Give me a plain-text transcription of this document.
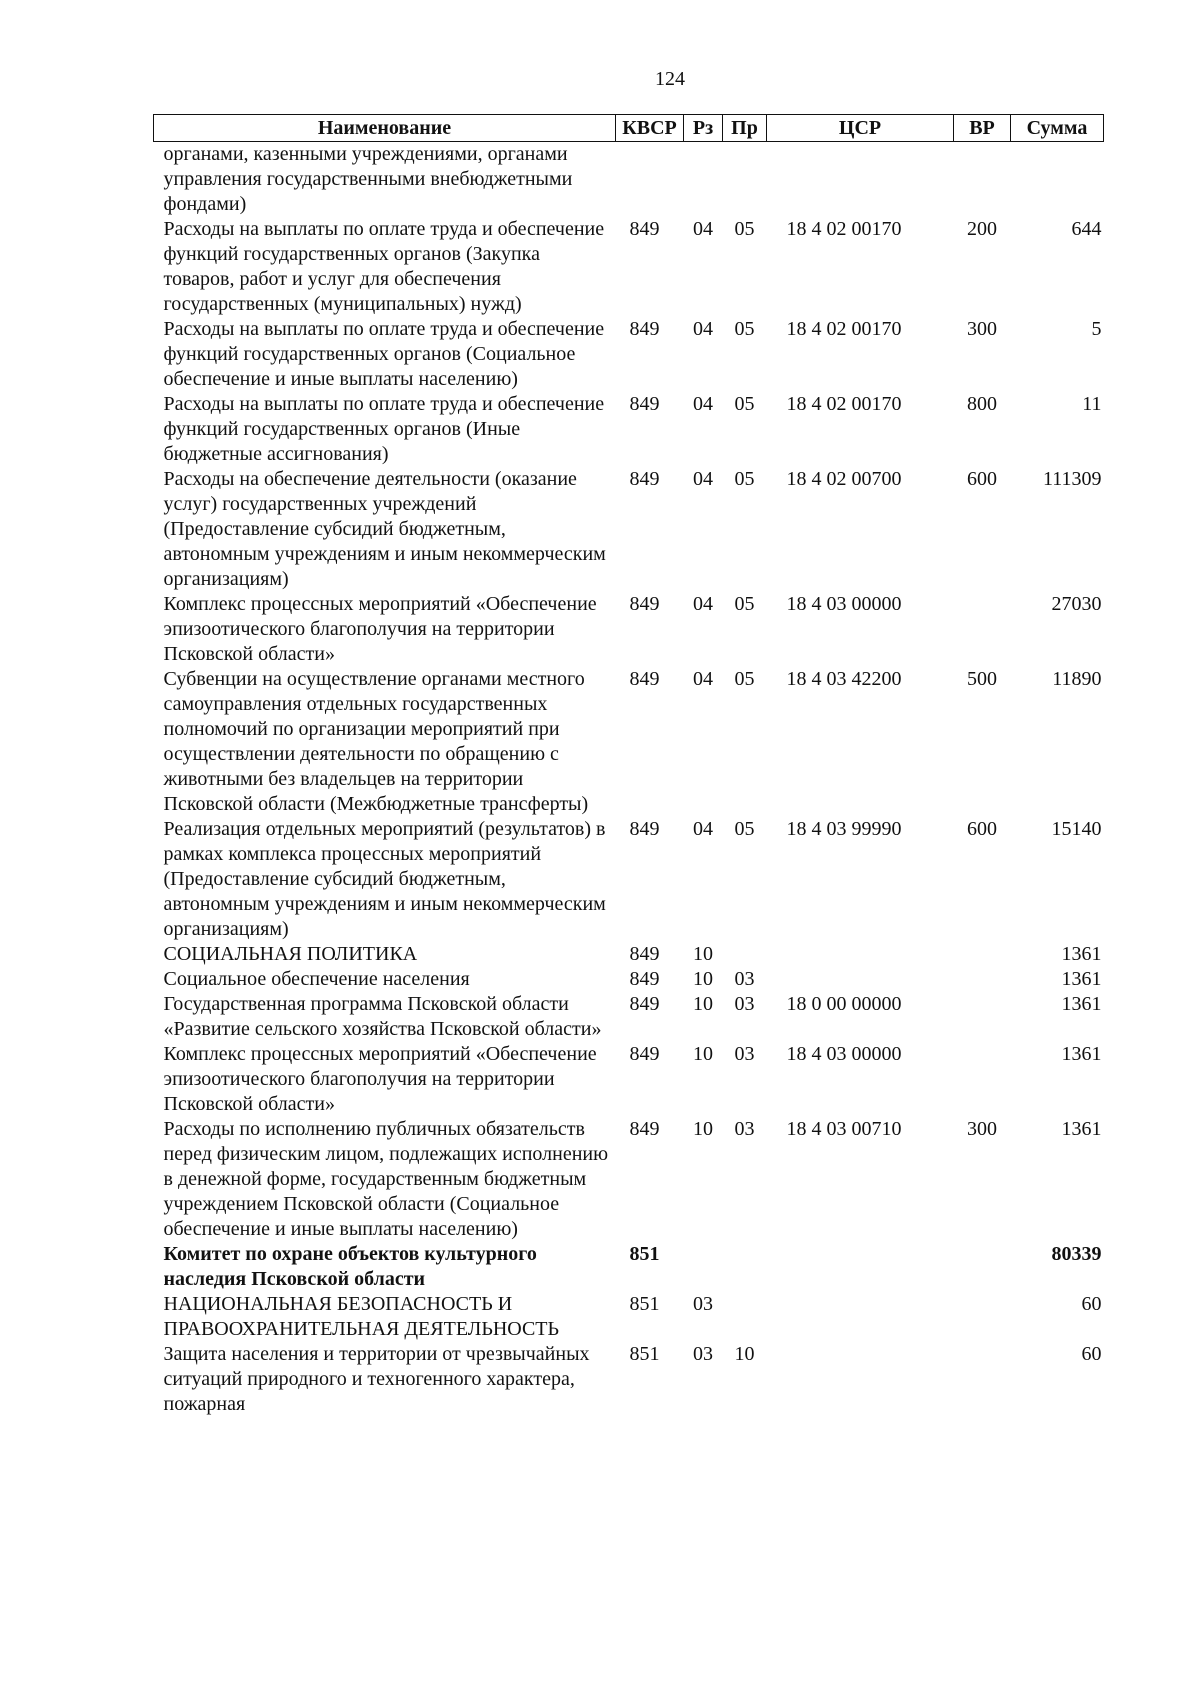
124
Наименование	КВСР	Рз	Пр	ЦСР	ВР	Сумма
органами, казенными учреждениями, органами управления государственными внебюджетными фондами)						
Расходы на выплаты по оплате труда и обеспечение функций государственных органов (Закупка товаров, работ и услуг для обеспечения государственных (муниципальных) нужд)	849	04	05	18 4 02 00170	200	644
Расходы на выплаты по оплате труда и обеспечение функций государственных органов (Социальное обеспечение и иные выплаты населению)	849	04	05	18 4 02 00170	300	5
Расходы на выплаты по оплате труда и обеспечение функций государственных органов (Иные бюджетные ассигнования)	849	04	05	18 4 02 00170	800	11
Расходы на обеспечение деятельности (оказание услуг) государственных учреждений (Предоставление субсидий бюджетным, автономным учреждениям и иным некоммерческим организациям)	849	04	05	18 4 02 00700	600	111309
Комплекс процессных мероприятий «Обеспечение эпизоотического благополучия на территории Псковской области»	849	04	05	18 4 03 00000		27030
Субвенции на осуществление органами местного самоуправления отдельных государственных полномочий по организации мероприятий при осуществлении деятельности по обращению с животными без владельцев на территории Псковской области (Межбюджетные трансферты)	849	04	05	18 4 03 42200	500	11890
Реализация отдельных мероприятий (результатов) в рамках комплекса процессных мероприятий (Предоставление субсидий бюджетным, автономным учреждениям и иным некоммерческим организациям)	849	04	05	18 4 03 99990	600	15140
СОЦИАЛЬНАЯ ПОЛИТИКА	849	10				1361
Социальное обеспечение населения	849	10	03			1361
Государственная программа Псковской области «Развитие сельского хозяйства Псковской области»	849	10	03	18 0 00 00000		1361
Комплекс процессных мероприятий «Обеспечение эпизоотического благополучия на территории Псковской области»	849	10	03	18 4 03 00000		1361
Расходы по исполнению публичных обязательств перед физическим лицом, подлежащих исполнению в денежной форме, государственным бюджетным учреждением Псковской области (Социальное обеспечение и иные выплаты населению)	849	10	03	18 4 03 00710	300	1361
Комитет по охране объектов культурного наследия Псковской области	851					80339
НАЦИОНАЛЬНАЯ БЕЗОПАСНОСТЬ И ПРАВООХРАНИТЕЛЬНАЯ ДЕЯТЕЛЬНОСТЬ	851	03				60
Защита населения и территории от чрезвычайных ситуаций природного и техногенного характера, пожарная	851	03	10			60
